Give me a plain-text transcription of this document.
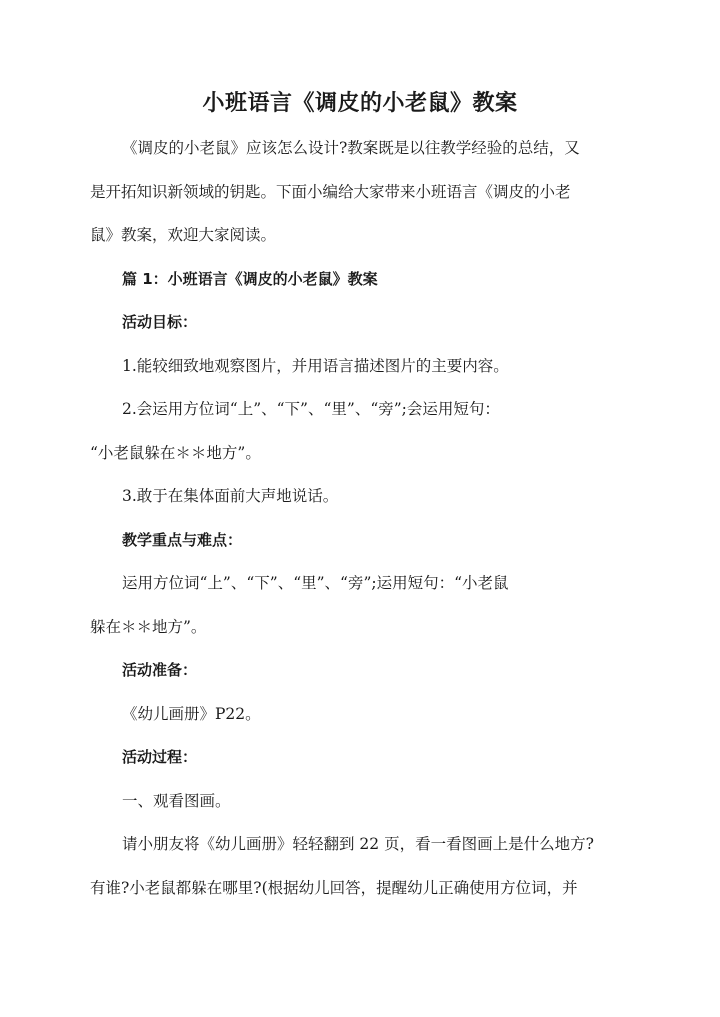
小班语言《调皮的小老鼠》教案
《调皮的小老鼠》应该怎么设计?教案既是以往教学经验的总结，又
是开拓知识新领域的钥匙。下面小编给大家带来小班语言《调皮的小老
鼠》教案，欢迎大家阅读。
篇 1：小班语言《调皮的小老鼠》教案
活动目标：
1.能较细致地观察图片，并用语言描述图片的主要内容。
2.会运用方位词“上”、“下”、“里”、“旁”;会运用短句：
“小老鼠躲在＊＊地方”。
3.敢于在集体面前大声地说话。
教学重点与难点：
运用方位词“上”、“下”、“里”、“旁”;运用短句：“小老鼠
躲在＊＊地方”。
活动准备：
《幼儿画册》P22。
活动过程：
一、观看图画。
请小朋友将《幼儿画册》轻轻翻到 22 页，看一看图画上是什么地方?
有谁?小老鼠都躲在哪里?(根据幼儿回答，提醒幼儿正确使用方位词，并
